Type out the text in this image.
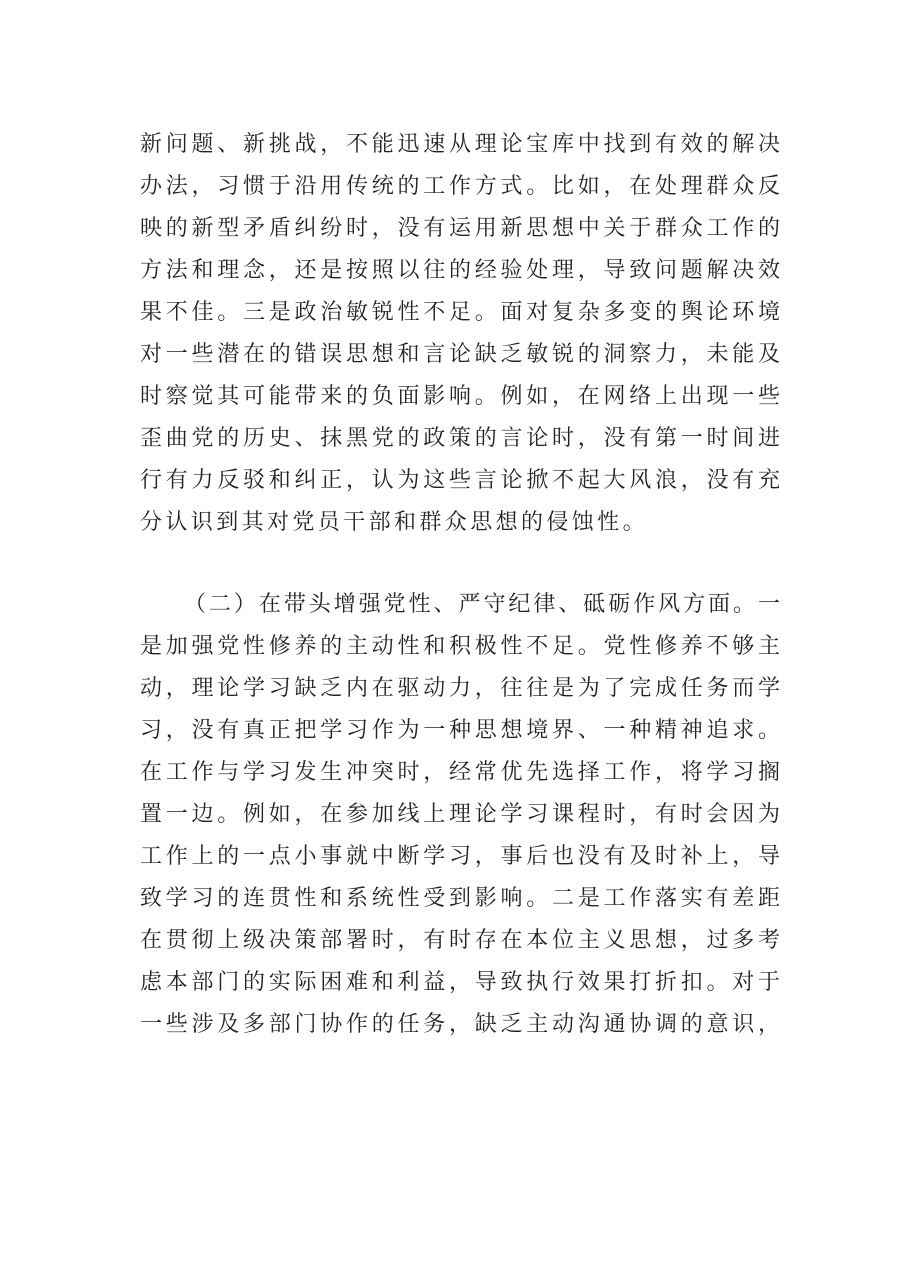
新问题、新挑战，不能迅速从理论宝库中找到有效的解决
办法，习惯于沿用传统的工作方式。比如，在处理群众反
映的新型矛盾纠纷时，没有运用新思想中关于群众工作的
方法和理念，还是按照以往的经验处理，导致问题解决效
果不佳。三是政治敏锐性不足。面对复杂多变的舆论环境
对一些潜在的错误思想和言论缺乏敏锐的洞察力，未能及
时察觉其可能带来的负面影响。例如，在网络上出现一些
歪曲党的历史、抹黑党的政策的言论时，没有第一时间进
行有力反驳和纠正，认为这些言论掀不起大风浪，没有充
分认识到其对党员干部和群众思想的侵蚀性。
（二）在带头增强党性、严守纪律、砥砺作风方面。一
是加强党性修养的主动性和积极性不足。党性修养不够主
动，理论学习缺乏内在驱动力，往往是为了完成任务而学
习，没有真正把学习作为一种思想境界、一种精神追求。
在工作与学习发生冲突时，经常优先选择工作，将学习搁
置一边。例如，在参加线上理论学习课程时，有时会因为
工作上的一点小事就中断学习，事后也没有及时补上，导
致学习的连贯性和系统性受到影响。二是工作落实有差距
在贯彻上级决策部署时，有时存在本位主义思想，过多考
虑本部门的实际困难和利益，导致执行效果打折扣。对于
一些涉及多部门协作的任务，缺乏主动沟通协调的意识，
